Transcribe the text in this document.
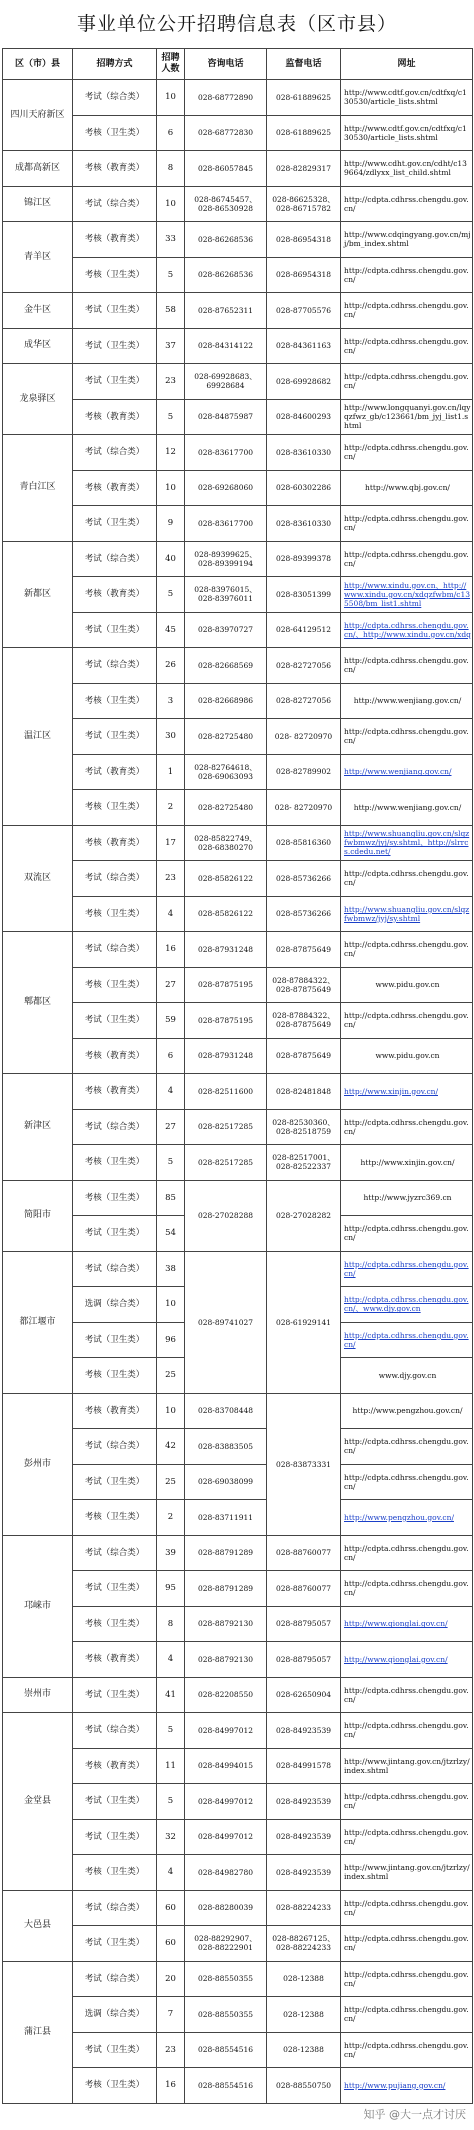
事业单位公开招聘信息表（区市县）
区（市）县	招聘方式	招聘人数	咨询电话	监督电话	网址
四川天府新区	考试（综合类）	10	028-68772890	028-61889625	http://www.cdtf.gov.cn/cdtfxq/c130530/article_lists.shtml
	考核（卫生类）	6	028-68772830	028-61889625	http://www.cdtf.gov.cn/cdtfxq/c130530/article_lists.shtml
成都高新区	考核（教育类）	8	028-86057845	028-82829317	http://www.cdht.gov.cn/cdht/c139664/zdlyxx_list_child.shtml
锦江区	考试（综合类）	10	028-86745457、028-86530928	028-86625328、028-86715782	http://cdpta.cdhrss.chengdu.gov.cn/
青羊区	考核（教育类）	33	028-86268536	028-86954318	http://www.cdqingyang.gov.cn/mjj/bm_index.shtml
	考核（卫生类）	5	028-86268536	028-86954318	http://cdpta.cdhrss.chengdu.gov.cn/
金牛区	考试（卫生类）	58	028-87652311	028-87705576	http://cdpta.cdhrss.chengdu.gov.cn/
成华区	考试（卫生类）	37	028-84314122	028-84361163	http://cdpta.cdhrss.chengdu.gov.cn/
龙泉驿区	考试（卫生类）	23	028-69928683、69928684	028-69928682	http://cdpta.cdhrss.chengdu.gov.cn/
	考核（教育类）	5	028-84875987	028-84600293	http://www.longquanyi.gov.cn/lqyqzfwz_gb/c123661/bm_jyj_list1.shtml
青白江区	考试（综合类）	12	028-83617700	028-83610330	http://cdpta.cdhrss.chengdu.gov.cn/
	考核（教育类）	10	028-69268060	028-60302286	http://www.qbj.gov.cn/
	考试（卫生类）	9	028-83617700	028-83610330	http://cdpta.cdhrss.chengdu.gov.cn/
新都区	考试（综合类）	40	028-89399625、028-89399194	028-89399378	http://cdpta.cdhrss.chengdu.gov.cn/
	考核（教育类）	5	028-83976015、028-83976011	028-83051399	http://www.xindu.gov.cn、http://www.xindu.gov.cn/xdqzfwbm/c135508/bm_list1.shtml
	考试（卫生类）	45	028-83970727	028-64129512	http://cdpta.cdhrss.chengdu.gov.cn/、http://www.xindu.gov.cn/xdq
温江区	考试（综合类）	26	028-82668569	028-82727056	http://cdpta.cdhrss.chengdu.gov.cn/
	考核（卫生类）	3	028-82668986	028-82727056	http://www.wenjiang.gov.cn/
	考试（卫生类）	30	028-82725480	028- 82720970	http://cdpta.cdhrss.chengdu.gov.cn/
	考试（教育类）	1	028-82764618、028-69063093	028-82789902	http://www.wenjiang.gov.cn/
	考核（卫生类）	2	028-82725480	028- 82720970	http://www.wenjiang.gov.cn/
双流区	考核（教育类）	17	028-85822749、028-68380270	028-85816360	http://www.shuangliu.gov.cn/slqzfwbmwz/jyj/sy.shtml、http://slrrcs.cdedu.net/
	考试（综合类）	23	028-85826122	028-85736266	http://cdpta.cdhrss.chengdu.gov.cn/
	考核（卫生类）	4	028-85826122	028-85736266	http://www.shuangliu.gov.cn/slqzfwbmwz/jyj/sy.shtml
郫都区	考试（综合类）	16	028-87931248	028-87875649	http://cdpta.cdhrss.chengdu.gov.cn/
	考核（卫生类）	27	028-87875195	028-87884322、028-87875649	www.pidu.gov.cn
	考试（卫生类）	59	028-87875195	028-87884322、028-87875649	http://cdpta.cdhrss.chengdu.gov.cn/
	考核（教育类）	6	028-87931248	028-87875649	www.pidu.gov.cn
新津区	考核（教育类）	4	028-82511600	028-82481848	http://www.xinjin.gov.cn/
	考试（综合类）	27	028-82517285	028-82530360、028-82518759	http://cdpta.cdhrss.chengdu.gov.cn/
	考核（卫生类）	5	028-82517285	028-82517001、028-82522337	http://www.xinjin.gov.cn/
简阳市	考核（卫生类）	85	028-27028288	028-27028282	http://www.jyzrc369.cn
	考试（卫生类）	54			http://cdpta.cdhrss.chengdu.gov.cn/
都江堰市	考试（综合类）	38	028-89741027	028-61929141	http://cdpta.cdhrss.chengdu.gov.cn/
	选调（综合类）	10			http://cdpta.cdhrss.chengdu.gov.cn/、www.djy.gov.cn
	考试（卫生类）	96			http://cdpta.cdhrss.chengdu.gov.cn/
	考核（卫生类）	25			www.djy.gov.cn
彭州市	考核（教育类）	10	028-83708448	028-83873331	http://www.pengzhou.gov.cn/
	考试（综合类）	42	028-83883505		http://cdpta.cdhrss.chengdu.gov.cn/
	考试（卫生类）	25	028-69038099		http://cdpta.cdhrss.chengdu.gov.cn/
	考核（卫生类）	2	028-83711911		http://www.pengzhou.gov.cn/
邛崃市	考试（综合类）	39	028-88791289	028-88760077	http://cdpta.cdhrss.chengdu.gov.cn/
	考试（卫生类）	95	028-88791289	028-88760077	http://cdpta.cdhrss.chengdu.gov.cn/
	考核（卫生类）	8	028-88792130	028-88795057	http://www.qionglai.gov.cn/
	考核（教育类）	4	028-88792130	028-88795057	http://www.qionglai.gov.cn/
崇州市	考试（卫生类）	41	028-82208550	028-62650904	http://cdpta.cdhrss.chengdu.gov.cn/
金堂县	考试（综合类）	5	028-84997012	028-84923539	http://cdpta.cdhrss.chengdu.gov.cn/
	考核（教育类）	11	028-84994015	028-84991578	http://www.jintang.gov.cn/jtzrlzy/index.shtml
	考试（卫生类）	5	028-84997012	028-84923539	http://cdpta.cdhrss.chengdu.gov.cn/
	考试（卫生类）	32	028-84997012	028-84923539	http://cdpta.cdhrss.chengdu.gov.cn/
	考核（卫生类）	4	028-84982780	028-84923539	http://www.jintang.gov.cn/jtzrlzy/index.shtml
大邑县	考试（综合类）	60	028-88280039	028-88224233	http://cdpta.cdhrss.chengdu.gov.cn/
	考试（卫生类）	60	028-88292907、028-88222901	028-88267125、028-88224233	http://cdpta.cdhrss.chengdu.gov.cn/
蒲江县	考试（综合类）	20	028-88550355	028-12388	http://cdpta.cdhrss.chengdu.gov.cn/
	选调（综合类）	7	028-88550355	028-12388	http://cdpta.cdhrss.chengdu.gov.cn/
	考试（卫生类）	23	028-88554516	028-12388	http://cdpta.cdhrss.chengdu.gov.cn/
	考核（卫生类）	16	028-88554516	028-88550750	http://www.pujiang.gov.cn/
知乎 @大一点才讨厌
